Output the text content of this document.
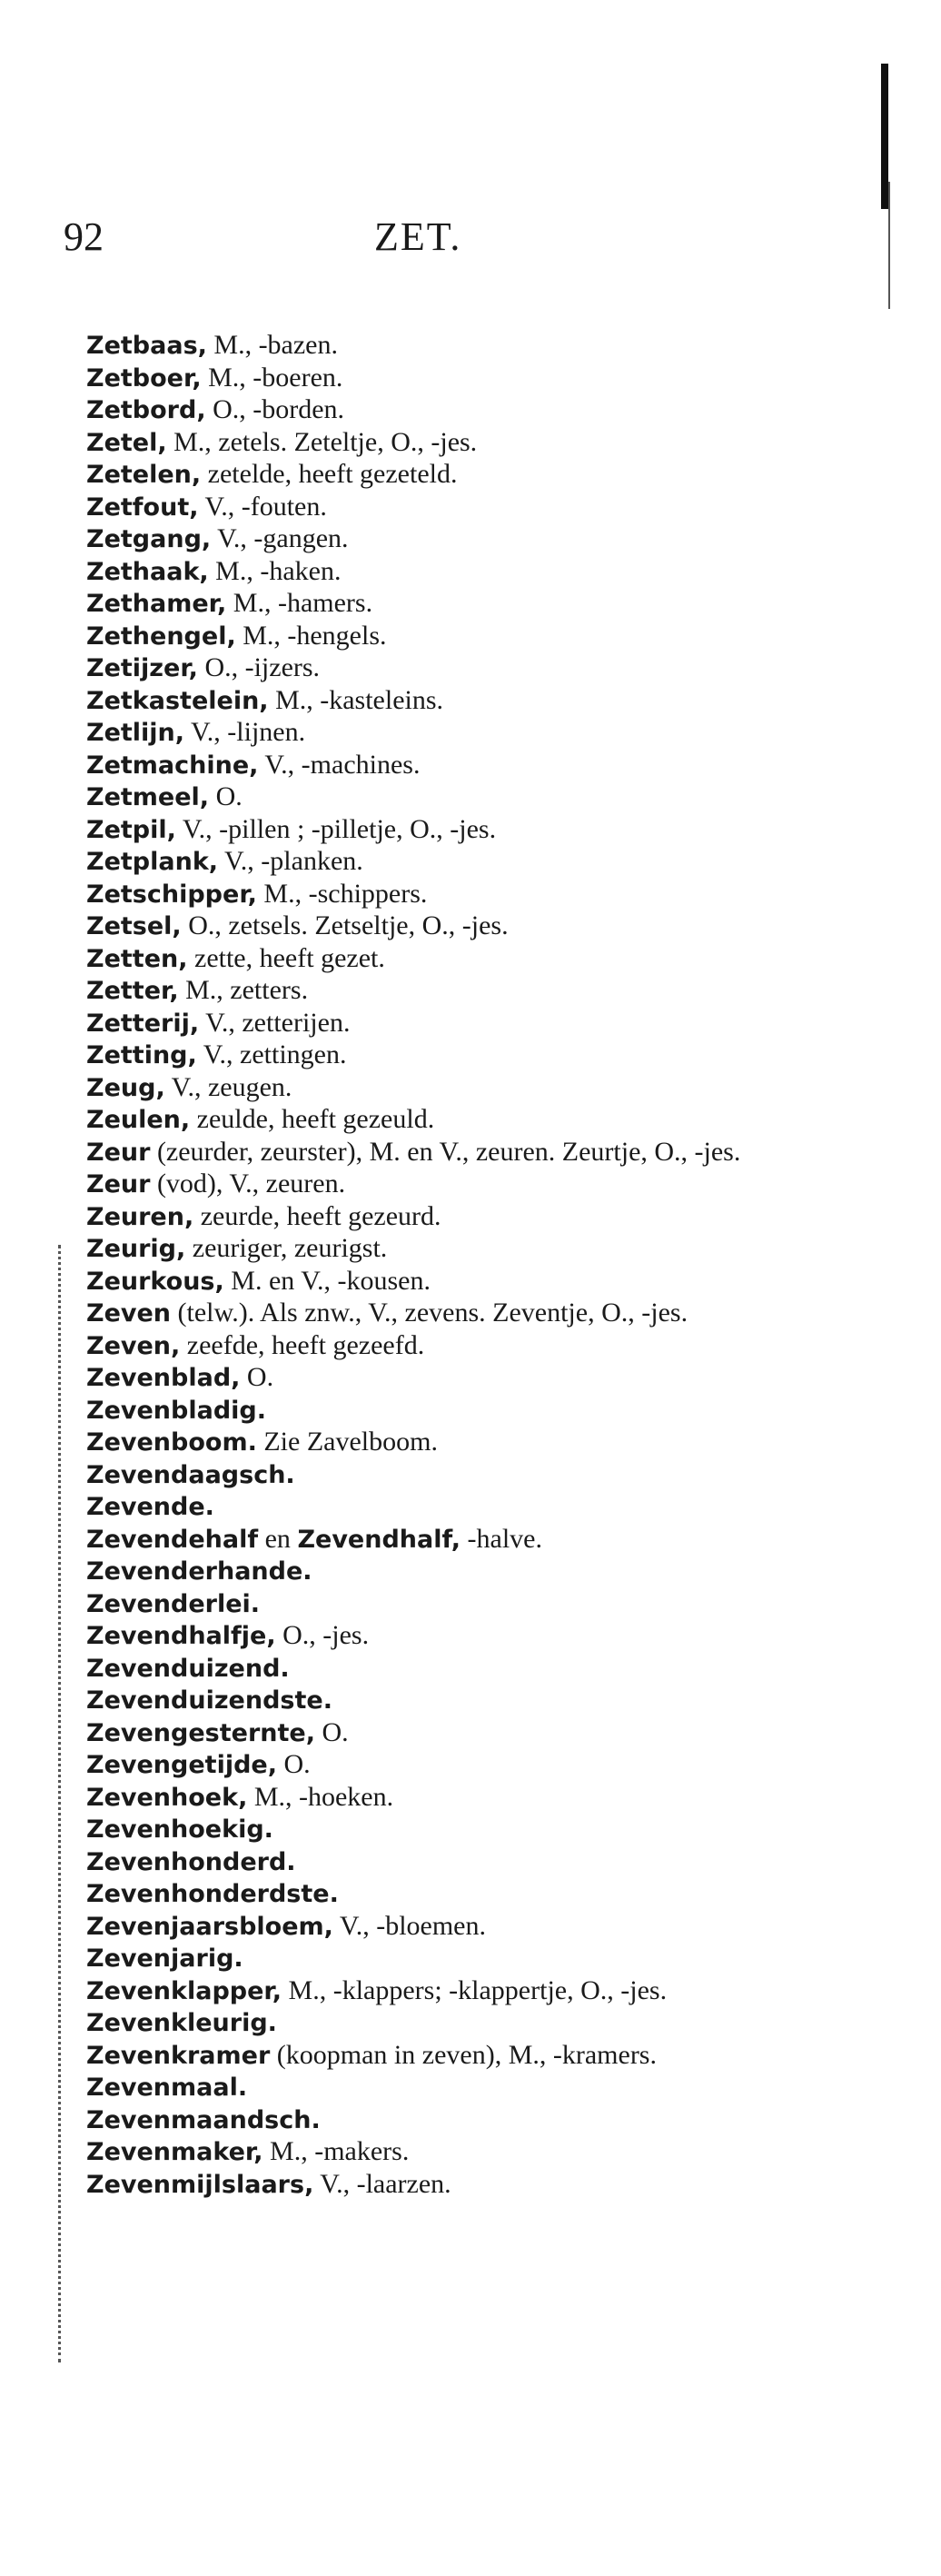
92	ZET.
Zetbaas, M., -bazen.
Zetboer, M., -boeren.
Zetbord, O., -borden.
Zetel, M., zetels. Zeteltje, O., -jes.
Zetelen, zetelde, heeft gezeteld.
Zetfout, V., -fouten.
Zetgang, V., -gangen.
Zethaak, M., -haken.
Zethamer, M., -hamers.
Zethengel, M., -hengels.
Zetijzer, O., -ijzers.
Zetkastelein, M., -kasteleins.
Zetlijn, V., -lijnen.
Zetmachine, V., -machines.
Zetmeel, O.
Zetpil, V., -pillen ; -pilletje, O., -jes.
Zetplank, V., -planken.
Zetschipper, M., -schippers.
Zetsel, O., zetsels. Zetseltje, O., -jes.
Zetten, zette, heeft gezet.
Zetter, M., zetters.
Zetterij, V., zetterijen.
Zetting, V., zettingen.
Zeug, V., zeugen.
Zeulen, zeulde, heeft gezeuld.
Zeur (zeurder, zeurster), M. en V., zeuren. Zeurtje, O., -jes.
Zeur (vod), V., zeuren.
Zeuren, zeurde, heeft gezeurd.
Zeurig, zeuriger, zeurigst.
Zeurkous, M. en V., -kousen.
Zeven (telw.). Als znw., V., zevens. Zeventje, O., -jes.
Zeven, zeefde, heeft gezeefd.
Zevenblad, O.
Zevenbladig.
Zevenboom. Zie Zavelboom.
Zevendaagsch.
Zevende.
Zevendehalf en Zevendhalf, -halve.
Zevenderhande.
Zevenderlei.
Zevendhalfje, O., -jes.
Zevenduizend.
Zevenduizendste.
Zevengesternte, O.
Zevengetijde, O.
Zevenhoek, M., -hoeken.
Zevenhoekig.
Zevenhonderd.
Zevenhonderdste.
Zevenjaarsbloem, V., -bloemen.
Zevenjarig.
Zevenklapper, M., -klappers; -klappertje, O., -jes.
Zevenkleurig.
Zevenkramer (koopman in zeven), M., -kramers.
Zevenmaal.
Zevenmaandsch.
Zevenmaker, M., -makers.
Zevenmijlslaars, V., -laarzen.
